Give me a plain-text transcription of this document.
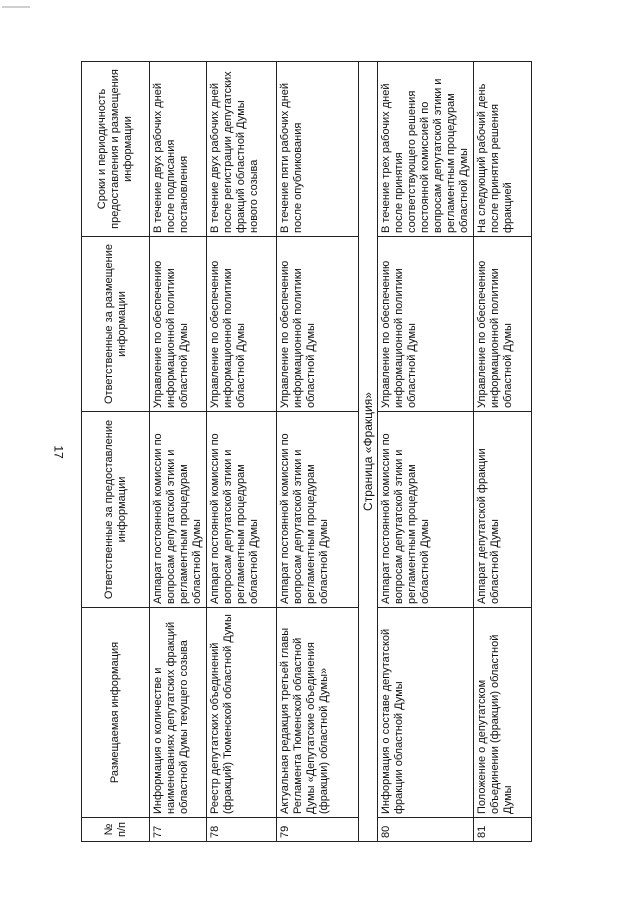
17
№ п/п	Размещаемая информация	Ответственные за предоставление информации	Ответственные за размещение информации	Сроки и периодичность предоставления и размещения информации
77	Информация о количестве и наименованиях депутатских фракций областной Думы текущего созыва	Аппарат постоянной комиссии по вопросам депутатской этики и регламентным процедурам областной Думы	Управление по обеспечению информационной политики областной Думы	В течение двух рабочих дней после подписания постановления
78	Реестр депутатских объединений (фракций) Тюменской областной Думы	Аппарат постоянной комиссии по вопросам депутатской этики и регламентным процедурам областной Думы	Управление по обеспечению информационной политики областной Думы	В течение двух рабочих дней после регистрации депутатских фракций областной Думы нового созыва
79	Актуальная редакция третьей главы Регламента Тюменской областной Думы «Депутатские объединения (фракции) областной Думы»	Аппарат постоянной комиссии по вопросам депутатской этики и регламентным процедурам областной Думы	Управление по обеспечению информационной политики областной Думы	В течение пяти рабочих дней после опубликования
Страница «Фракция»				
80	Информация о составе депутатской фракции областной Думы	Аппарат постоянной комиссии по вопросам депутатской этики и регламентным процедурам областной Думы	Управление по обеспечению информационной политики областной Думы	В течение трех рабочих дней после принятия соответствующего решения постоянной комиссией по вопросам депутатской этики и регламентным процедурам областной Думы
81	Положение о депутатском объединении (фракции) областной Думы	Аппарат депутатской фракции областной Думы	Управление по обеспечению информационной политики областной Думы	На следующий рабочий день после принятия решения фракцией
